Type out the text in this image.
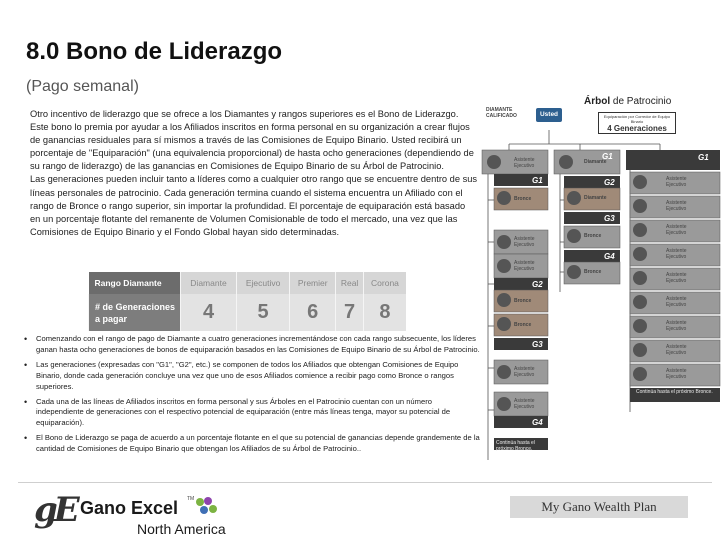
8.0 Bono de Liderazgo
(Pago semanal)

Otro incentivo de liderazgo que se ofrece a los Diamantes y rangos superiores es el Bono de Liderazgo. Este bono lo premia por ayudar a los Afiliados inscritos en forma personal en su organización a crear flujos de ganancias residuales para sí mismos a través de las Comisiones de Equipo Binario. Usted recibirá un porcentaje de "Equiparación" (una equivalencia proporcional) de hasta ocho generaciones (dependiendo de su rango de liderazgo) de las ganancias en Comisiones de Equipo Binario de su Árbol de Patrocinio.

Las generaciones pueden incluir tanto a líderes como a cualquier otro rango que se encuentre dentro de sus líneas personales de patrocinio. Cada generación termina cuando el sistema encuentra un Afiliado con el rango de Bronce o rango superior, sin importar la profundidad. El porcentaje de equiparación está basado en un porcentaje flotante del remanente de Volumen Comisionable de todo el mercado, una vez que las Comisiones de Equipo Binario y el Fondo Global hayan sido determinadas.

Rango Diamante	Diamante	Ejecutivo	Premier	Real	Corona
# de Generaciones a pagar	4	5	6	7	8
• Comenzando con el rango de pago de Diamante a cuatro generaciones incrementándose con cada rango subsecuente, los líderes ganan hasta ocho generaciones de bonos de equiparación basados en las Comisiones de Equipo Binario de su Árbol de Patrocinio.
• Las generaciones (expresadas con "G1", "G2", etc.) se componen de todos los Afiliados que obtengan Comisiones de Equipo Binario, donde cada generación concluye una vez que uno de esos Afiliados comience a recibir pago como Bronce o rangos superiores.
• Cada una de las líneas de Afiliados inscritos en forma personal y sus Árboles en el Patrocinio cuentan con un número independiente de generaciones con el respectivo potencial de equiparación (entre más líneas tenga, mayor su potencial de equiparación).
• El Bono de Liderazgo se paga de acuerdo a un porcentaje flotante en el que su potencial de ganancias depende grandemente de la cantidad de Comisiones de Equipo Binario que obtengan los Afiliados de su Árbol de Patrocinio..
Árbol de Patrocinio
DIAMANTE CALIFICADO	Usted	Equiparación por Corredor de Equipo Binario
4 Generaciones
G1
G1	G1
G2
G2
G3
G3
G4
G4
Asistente Ejecutivo
Bronce
Diamante
Diamante
Bronce
Bronce
Asistente Ejecutivo
Asistente Ejecutivo
Bronce
Bronce
Asistente Ejecutivo
Asistente Ejecutivo
Continúa hasta el próximo Bronce.
Asistente Ejecutivo
Asistente Ejecutivo
Asistente Ejecutivo
Asistente Ejecutivo
Asistente Ejecutivo
Asistente Ejecutivo
Asistente Ejecutivo
Asistente Ejecutivo
Asistente Ejecutivo
Continúa hasta el próximo Bronce.
gE Gano Excel TM
North America
My Gano Wealth Plan
